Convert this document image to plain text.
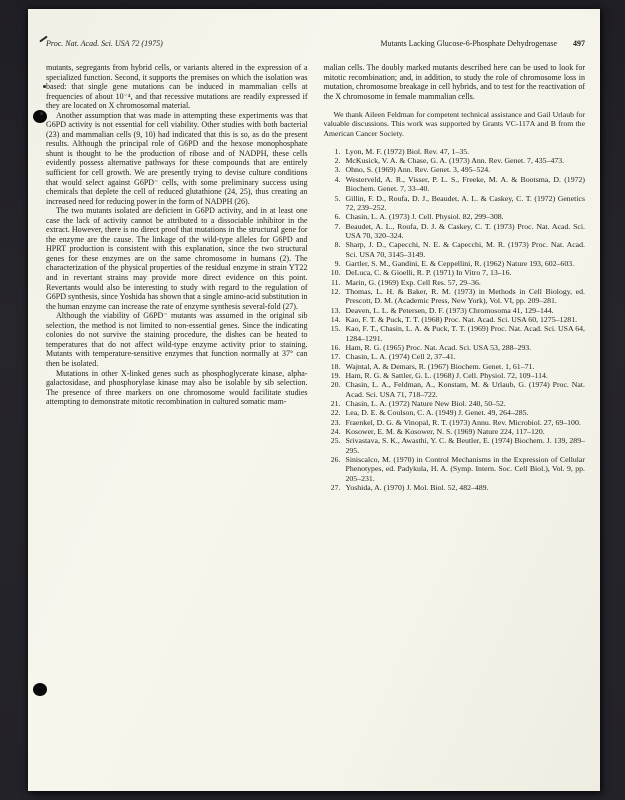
Proc. Nat. Acad. Sci. USA 72 (1975)	Mutants Lacking Glucose-6-Phosphate Dehydrogenase 497

mutants, segregants from hybrid cells, or variants altered in the expression of a specialized function. Second, it supports the premises on which the isolation was based: that single gene mutations can be induced in mammalian cells at frequencies of about 10⁻⁴, and that recessive mutations are readily expressed if they are located on X chromosomal material.

Another assumption that was made in attempting these experiments was that G6PD activity is not essential for cell viability. Other studies with both bacterial (23) and mammalian cells (9, 10) had indicated that this is so, as do the present results. Although the principal role of G6PD and the hexose monophosphate shunt is thought to be the production of ribose and of NADPH, these cells evidently possess alternative pathways for these compounds that are entirely sufficient for cell growth. We are presently trying to devise culture conditions that would select against G6PD⁻ cells, with some preliminary success using chemicals that deplete the cell of reduced glutathione (24, 25), thus creating an increased need for reducing power in the form of NADPH (26).

The two mutants isolated are deficient in G6PD activity, and in at least one case the lack of activity cannot be attributed to a dissociable inhibitor in the extract. However, there is no direct proof that mutations in the structural gene for the enzyme are the cause. The linkage of the wild-type alleles for G6PD and HPRT production is consistent with this explanation, since the two structural genes for these enzymes are on the same chromosome in humans (2). The characterization of the physical properties of the residual enzyme in strain YT22 and in revertant strains may provide more direct evidence on this point. Revertants would also be interesting to study with regard to the regulation of G6PD synthesis, since Yoshida has shown that a single amino-acid substitution in the human enzyme can increase the rate of enzyme synthesis several-fold (27).

Although the viability of G6PD⁻ mutants was assumed in the original sib selection, the method is not limited to non-essential genes. Since the indicating colonies do not survive the staining procedure, the dishes can be heated to temperatures that do not affect wild-type enzyme activity prior to staining. Mutants with temperature-sensitive enzymes that function normally at 37° can then be isolated.

Mutations in other X-linked genes such as phosphoglycerate kinase, alpha-galactosidase, and phosphorylase kinase may also be isolable by sib selection. The presence of three markers on one chromosome would facilitate studies attempting to demonstrate mitotic recombination in cultured somatic mam-

malian cells. The doubly marked mutants described here can be used to look for mitotic recombination; and, in addition, to study the role of chromosome loss in mutation, chromosome breakage in cell hybrids, and to test for the reactivation of the X chromosome in female mammalian cells.

We thank Aileen Feldman for competent technical assistance and Gail Urlaub for valuable discussions. This work was supported by Grants VC-117A and B from the American Cancer Society.

1. Lyon, M. F. (1972) Biol. Rev. 47, 1–35.
2. McKusick, V. A. & Chase, G. A. (1973) Ann. Rev. Genet. 7, 435–473.
3. Ohno, S. (1969) Ann. Rev. Genet. 3, 495–524.
4. Westerveld, A. R., Visser, P. L. S., Freeke, M. A. & Bootsma, D. (1972) Biochem. Genet. 7, 33–40.
5. Gillin, F. D., Roufa, D. J., Beaudet, A. L. & Caskey, C. T. (1972) Genetics 72, 239–252.
6. Chasin, L. A. (1973) J. Cell. Physiol. 82, 299–308.
7. Beaudet, A. L., Roufa, D. J. & Caskey, C. T. (1973) Proc. Nat. Acad. Sci. USA 70, 320–324.
8. Sharp, J. D., Capecchi, N. E. & Capecchi, M. R. (1973) Proc. Nat. Acad. Sci. USA 70, 3145–3149.
9. Gartler, S. M., Gandini, E. & Ceppellini, R. (1962) Nature 193, 602–603.
10. DeLuca, C. & Gioelli, R. P. (1971) In Vitro 7, 13–16.
11. Marin, G. (1969) Exp. Cell Res. 57, 29–36.
12. Thomas, L. H. & Baker, R. M. (1973) in Methods in Cell Biology, ed. Prescott, D. M. (Academic Press, New York), Vol. VI, pp. 209–281.
13. Deaven, L. L. & Petersen, D. F. (1973) Chromosoma 41, 129–144.
14. Kao, F. T. & Puck, T. T. (1968) Proc. Nat. Acad. Sci. USA 60, 1275–1281.
15. Kao, F. T., Chasin, L. A. & Puck, T. T. (1969) Proc. Nat. Acad. Sci. USA 64, 1284–1291.
16. Ham, R. G. (1965) Proc. Nat. Acad. Sci. USA 53, 288–293.
17. Chasin, L. A. (1974) Cell 2, 37–41.
18. Wajntal, A. & Demars, R. (1967) Biochem. Genet. 1, 61–71.
19. Ham, R. G. & Sattler, G. L. (1968) J. Cell. Physiol. 72, 109–114.
20. Chasin, L. A., Feldman, A., Konstam, M. & Urlaub, G. (1974) Proc. Nat. Acad. Sci. USA 71, 718–722.
21. Chasin, L. A. (1972) Nature New Biol. 240, 50–52.
22. Lea, D. E. & Coulson, C. A. (1949) J. Genet. 49, 264–285.
23. Fraenkel, D. G. & Vinopal, R. T. (1973) Annu. Rev. Microbiol. 27, 69–100.
24. Kosower, E. M. & Kosower, N. S. (1969) Nature 224, 117–120.
25. Srivastava, S. K., Awasthi, Y. C. & Beutler, E. (1974) Biochem. J. 139, 289–295.
26. Siniscalco, M. (1970) in Control Mechanisms in the Expression of Cellular Phenotypes, ed. Padykula, H. A. (Symp. Intern. Soc. Cell Biol.), Vol. 9, pp. 205–231.
27. Yoshida, A. (1970) J. Mol. Biol. 52, 482–489.
